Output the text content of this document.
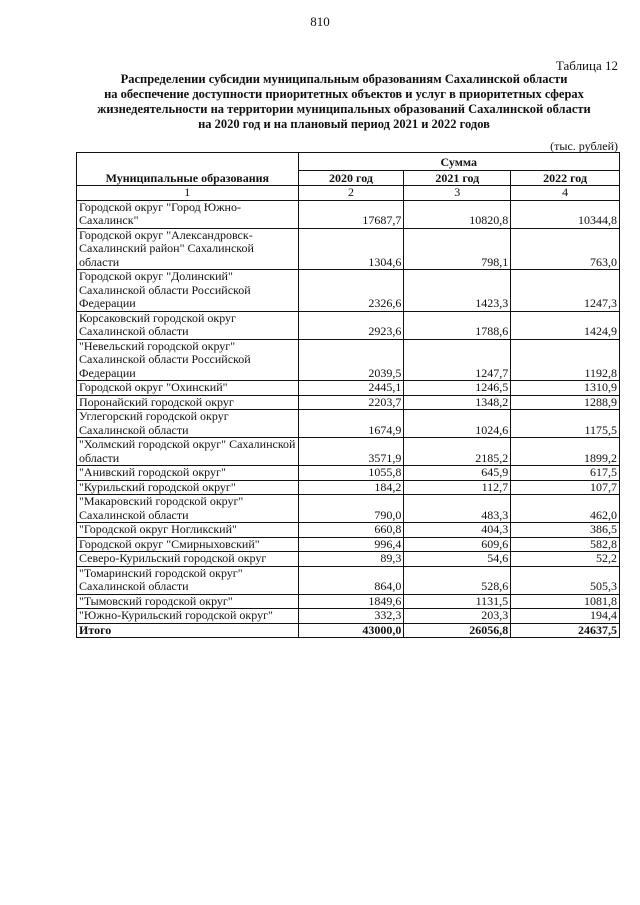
810
Таблица 12
Распределении субсидии муниципальным образованиям Сахалинской области
на обеспечение доступности приоритетных объектов и услуг в приоритетных сферах
жизнедеятельности на территории муниципальных образований Сахалинской области
на 2020 год и на плановый период 2021 и 2022 годов
(тыс. рублей)
Муниципальные образования	Сумма		
	2020 год	2021 год	2022 год
1	2	3	4
Городской округ "Город Южно-Сахалинск"	17687,7	10820,8	10344,8
Городской округ "Александровск-Сахалинский район" Сахалинской области	1304,6	798,1	763,0
Городской округ "Долинский" Сахалинской области Российской Федерации	2326,6	1423,3	1247,3
Корсаковский городской округ Сахалинской области	2923,6	1788,6	1424,9
"Невельский городской округ" Сахалинской области Российской Федерации	2039,5	1247,7	1192,8
Городской округ "Охинский"	2445,1	1246,5	1310,9
Поронайский городской округ	2203,7	1348,2	1288,9
Углегорский городской округ Сахалинской области	1674,9	1024,6	1175,5
"Холмский городской округ" Сахалинской области	3571,9	2185,2	1899,2
"Анивский городской округ"	1055,8	645,9	617,5
"Курильский городской округ"	184,2	112,7	107,7
"Макаровский городской округ" Сахалинской области	790,0	483,3	462,0
"Городской округ Ногликский"	660,8	404,3	386,5
Городской округ "Смирныховский"	996,4	609,6	582,8
Северо-Курильский городской округ	89,3	54,6	52,2
"Томаринский городской округ" Сахалинской области	864,0	528,6	505,3
"Тымовский городской округ"	1849,6	1131,5	1081,8
"Южно-Курильский городской округ"	332,3	203,3	194,4
Итого	43000,0	26056,8	24637,5
